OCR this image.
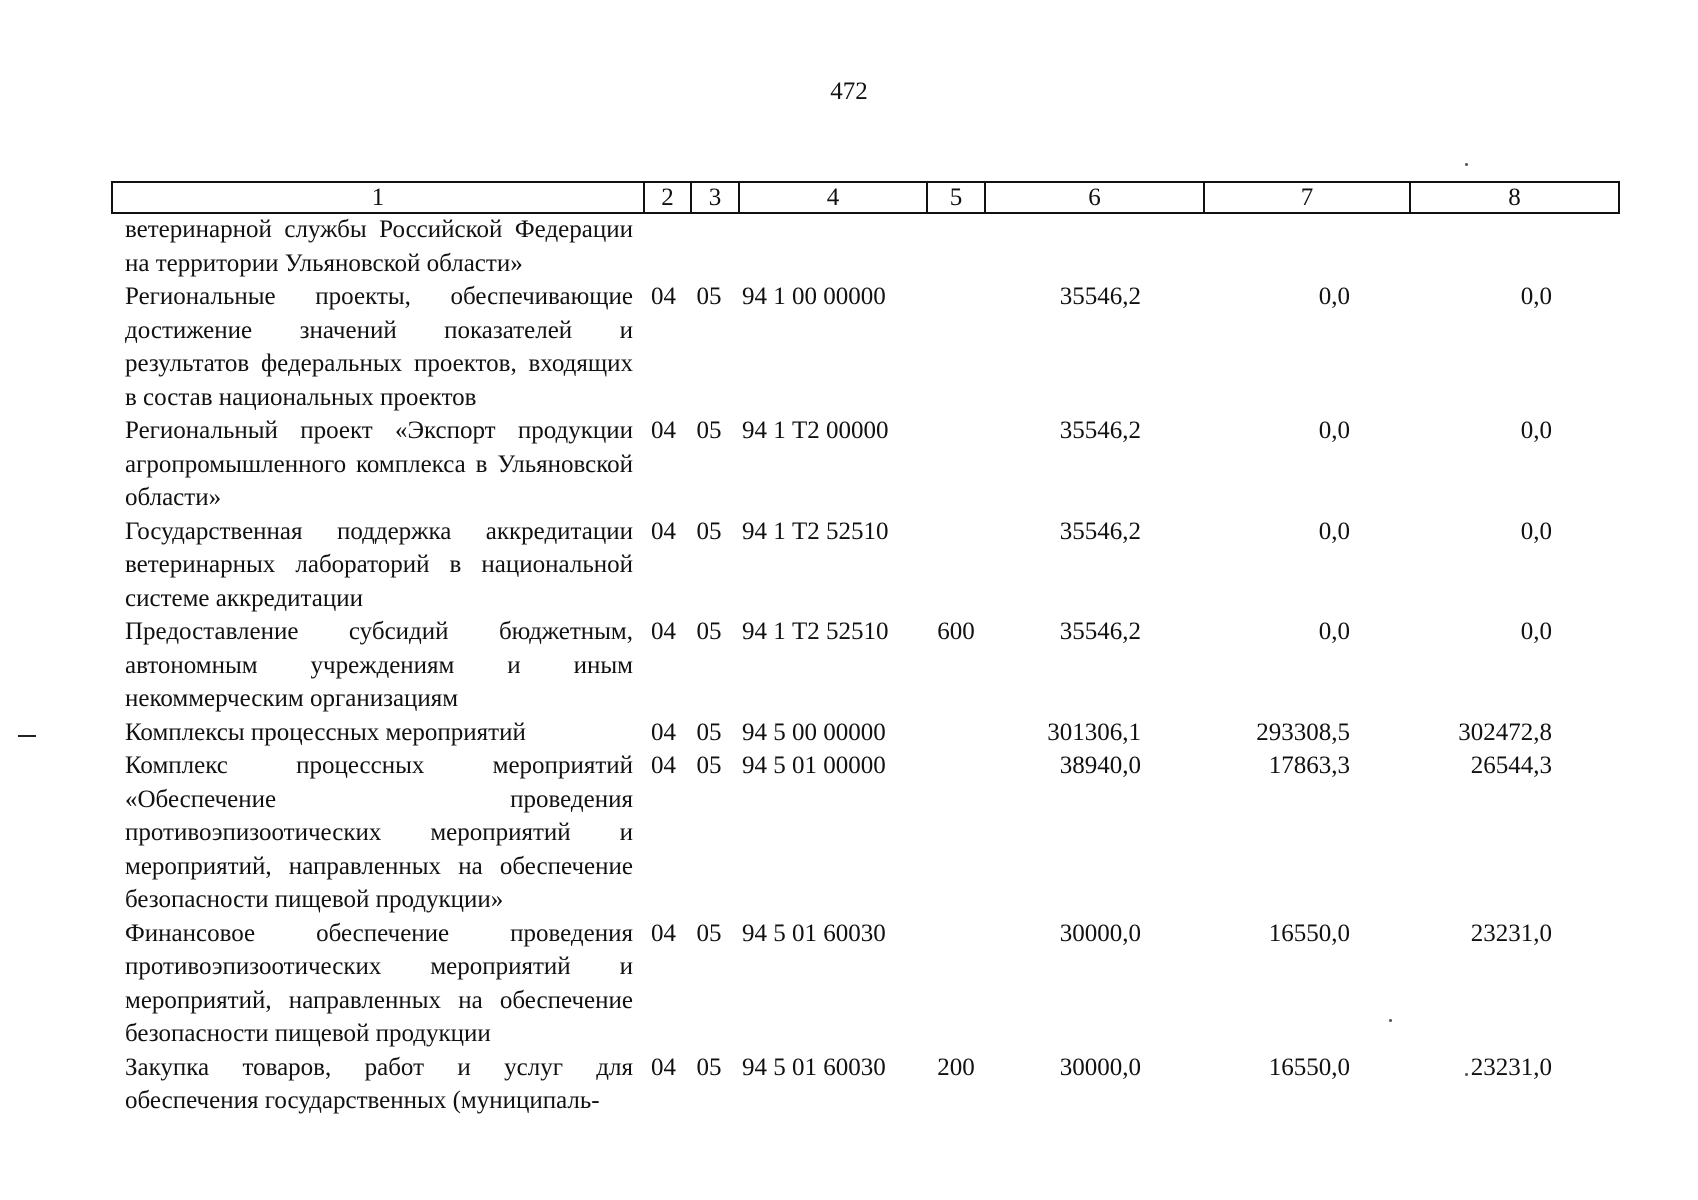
472
1	2	3	4	5	6	7	8
ветеринарной службы Российской Федерации на территории Ульяновской области»							
Региональные проекты, обеспечивающие достижение значений показателей и результатов федеральных проектов, входящих в состав национальных проектов	04	05	94 1 00 00000		35546,2	0,0	0,0
Региональный проект «Экспорт продукции агропромышленного комплекса в Ульяновской области»	04	05	94 1 Т2 00000		35546,2	0,0	0,0
Государственная поддержка аккредитации ветеринарных лабораторий в национальной системе аккредитации	04	05	94 1 Т2 52510		35546,2	0,0	0,0
Предоставление субсидий бюджетным, автономным учреждениям и иным некоммерческим организациям	04	05	94 1 Т2 52510	600	35546,2	0,0	0,0
Комплексы процессных мероприятий	04	05	94 5 00 00000		301306,1	293308,5	302472,8
Комплекс процессных мероприятий «Обеспечение проведения противоэпизоотических мероприятий и мероприятий, направленных на обеспечение безопасности пищевой продукции»	04	05	94 5 01 00000		38940,0	17863,3	26544,3
Финансовое обеспечение проведения противоэпизоотических мероприятий и мероприятий, направленных на обеспечение безопасности пищевой продукции	04	05	94 5 01 60030		30000,0	16550,0	23231,0
Закупка товаров, работ и услуг для обеспечения государственных (муниципаль-	04	05	94 5 01 60030	200	30000,0	16550,0	23231,0
